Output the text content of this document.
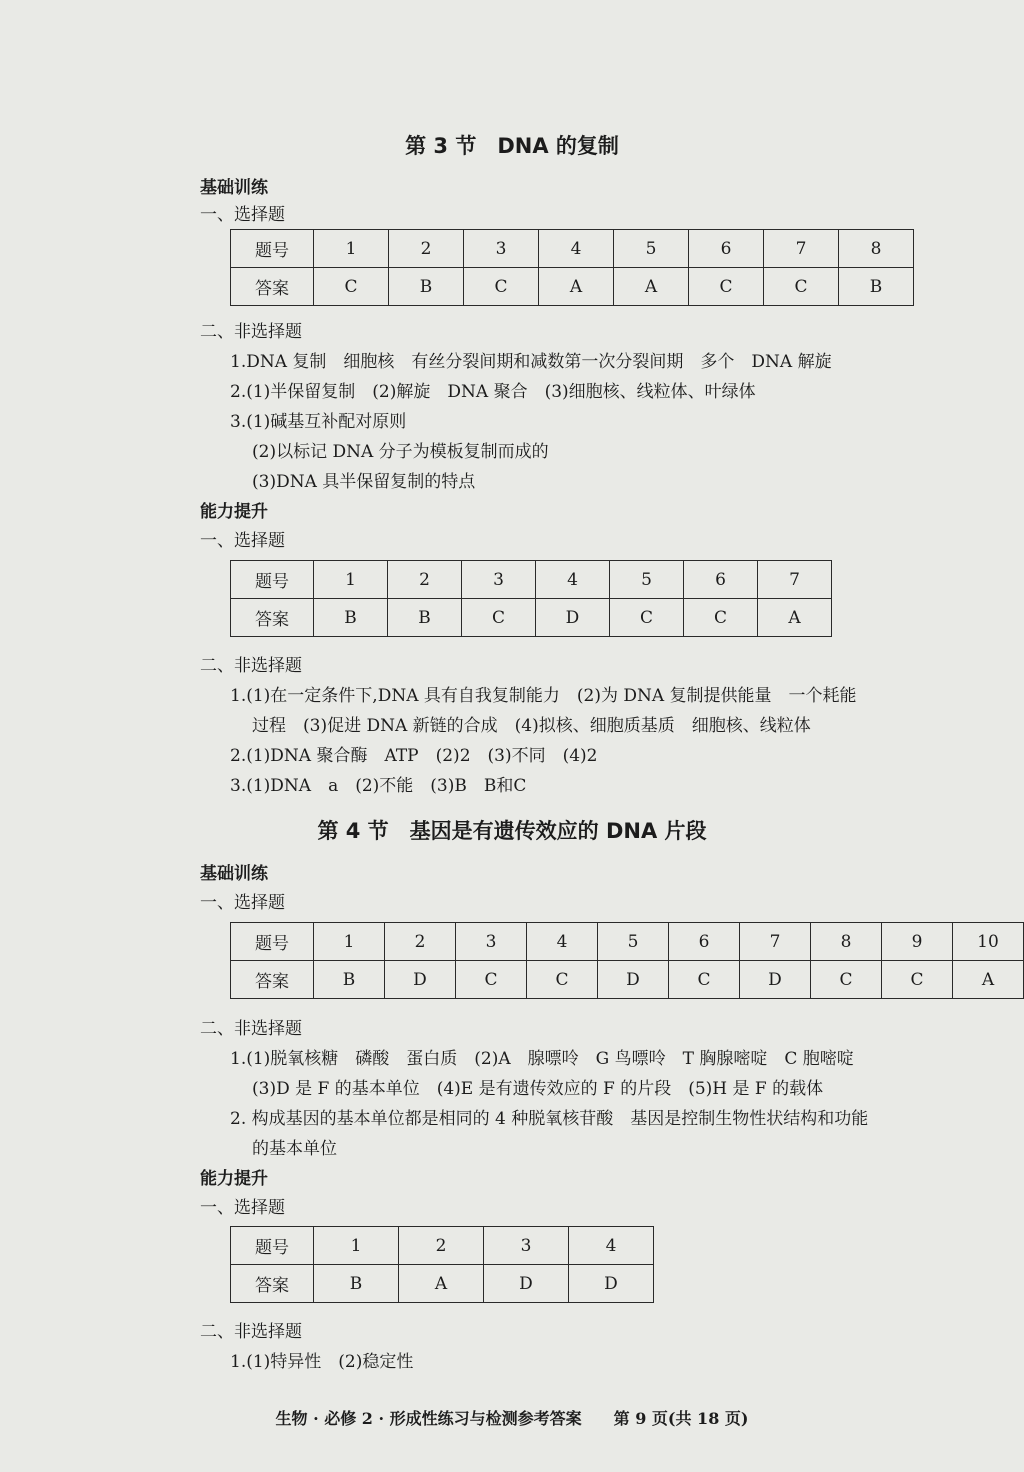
第 3 节　DNA 的复制
基础训练
一、选择题
题号	1	2	3	4	5	6	7	8
答案	C	B	C	A	A	C	C	B
二、非选择题
1.DNA 复制　细胞核　有丝分裂间期和减数第一次分裂间期　多个　DNA 解旋
2.(1)半保留复制　(2)解旋　DNA 聚合　(3)细胞核、线粒体、叶绿体
3.(1)碱基互补配对原则
(2)以标记 DNA 分子为模板复制而成的
(3)DNA 具半保留复制的特点
能力提升
一、选择题
题号	1	2	3	4	5	6	7
答案	B	B	C	D	C	C	A
二、非选择题
1.(1)在一定条件下,DNA 具有自我复制能力　(2)为 DNA 复制提供能量　一个耗能
过程　(3)促进 DNA 新链的合成　(4)拟核、细胞质基质　细胞核、线粒体
2.(1)DNA 聚合酶　ATP　(2)2　(3)不同　(4)2
3.(1)DNA　a　(2)不能　(3)B　B和C
第 4 节　基因是有遗传效应的 DNA 片段
基础训练
一、选择题
题号	1	2	3	4	5	6	7	8	9	10
答案	B	D	C	C	D	C	D	C	C	A
二、非选择题
1.(1)脱氧核糖　磷酸　蛋白质　(2)A　腺嘌呤　G 鸟嘌呤　T 胸腺嘧啶　C 胞嘧啶
(3)D 是 F 的基本单位　(4)E 是有遗传效应的 F 的片段　(5)H 是 F 的载体
2. 构成基因的基本单位都是相同的 4 种脱氧核苷酸　基因是控制生物性状结构和功能
的基本单位
能力提升
一、选择题
题号	1	2	3	4
答案	B	A	D	D
二、非选择题
1.(1)特异性　(2)稳定性
生物 · 必修 2 · 形成性练习与检测参考答案　　第 9 页(共 18 页)
